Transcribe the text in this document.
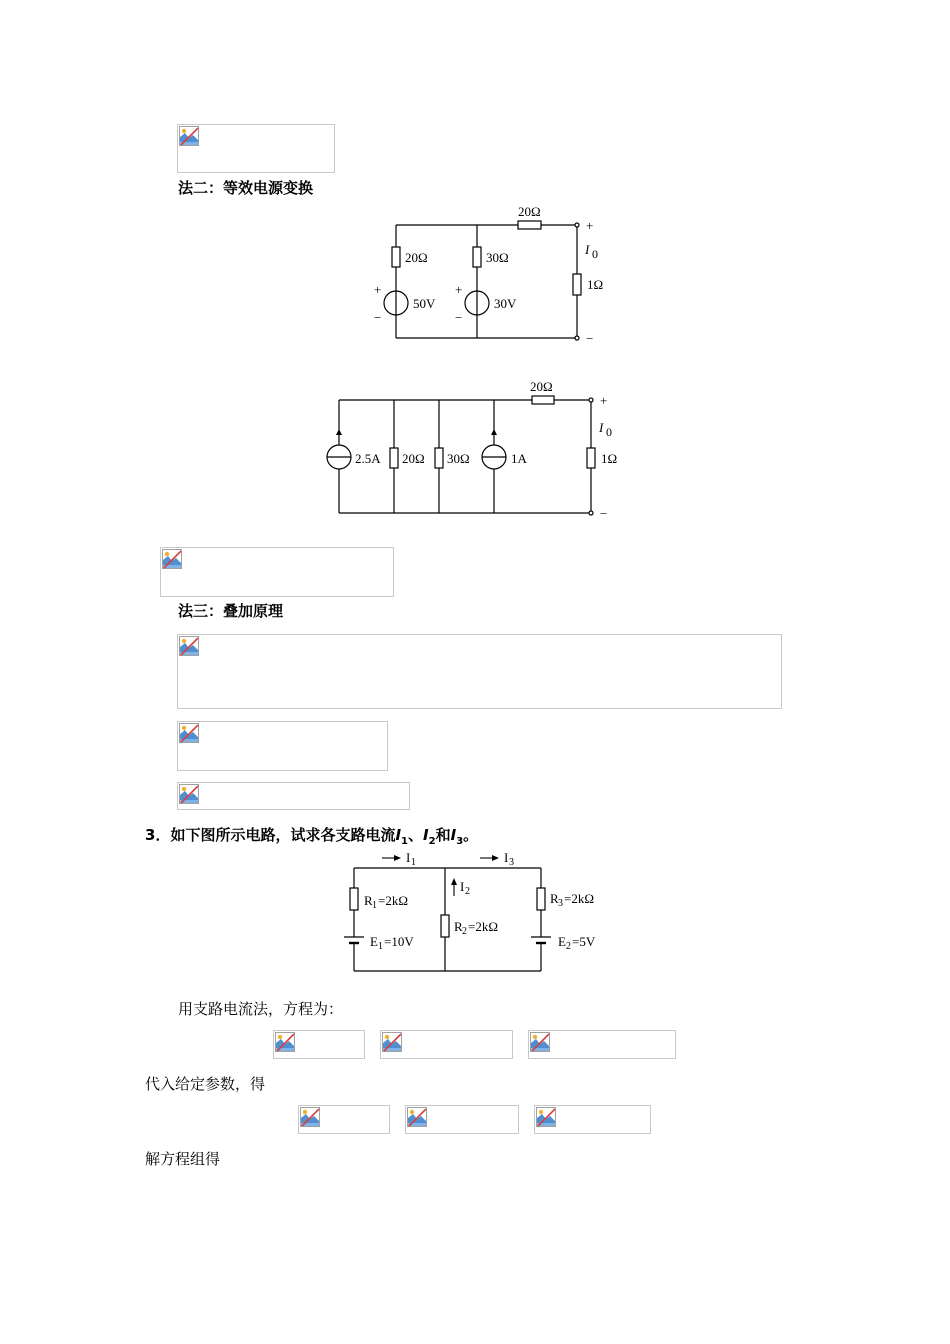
法二：等效电源变换
20Ω
20Ω	30Ω
50V	30V
1Ω
+
−
+
−
+
−
I 0
20Ω
2.5A 20Ω 30Ω	1A	1Ω
+
−
I 0
法三：叠加原理
3．如下图所示电路，试求各支路电流$I_1$、$I_2$和$I_3$。
I 1	I 3
I 2
R 1 =2kΩ
R 2 =2kΩ
R 3 =2kΩ
E 1 =10V	E 2 =5V
用支路电流法，方程为：
代入给定参数，得
解方程组得
